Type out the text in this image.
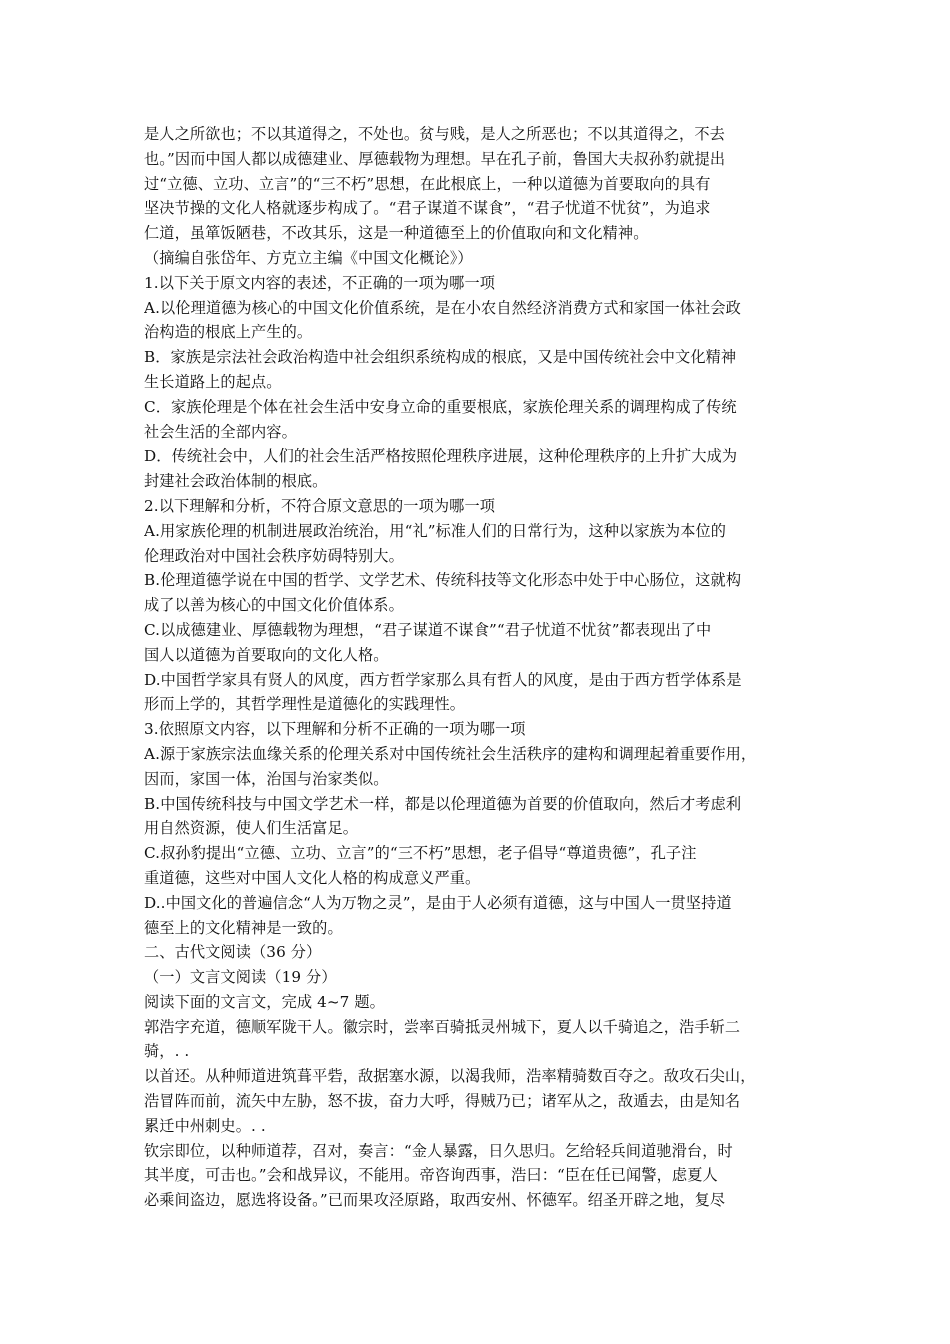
是人之所欲也；不以其道得之，不处也。贫与贱，是人之所恶也；不以其道得之，不去
也。”因而中国人都以成德建业、厚德载物为理想。早在孔子前，鲁国大夫叔孙豹就提出
过“立德、立功、立言”的“三不朽”思想，在此根底上，一种以道德为首要取向的具有
坚决节操的文化人格就逐步构成了。“君子谋道不谋食”，“君子忧道不忧贫”，为追求
仁道，虽箪饭陋巷，不改其乐，这是一种道德至上的价值取向和文化精神。
（摘编自张岱年、方克立主编《中国文化概论》）
1.以下关于原文内容的表述，不正确的一项为哪一项
A.以伦理道德为核心的中国文化价值系统，是在小农自然经济消费方式和家国一体社会政
治构造的根底上产生的。
B．家族是宗法社会政治构造中社会组织系统构成的根底，又是中国传统社会中文化精神
生长道路上的起点。
C．家族伦理是个体在社会生活中安身立命的重要根底，家族伦理关系的调理构成了传统
社会生活的全部内容。
D．传统社会中，人们的社会生活严格按照伦理秩序进展，这种伦理秩序的上升扩大成为
封建社会政治体制的根底。
2.以下理解和分析，不符合原文意思的一项为哪一项
A.用家族伦理的机制进展政治统治，用“礼”标准人们的日常行为，这种以家族为本位的
伦理政治对中国社会秩序妨碍特别大。
B.伦理道德学说在中国的哲学、文学艺术、传统科技等文化形态中处于中心肠位，这就构
成了以善为核心的中国文化价值体系。
C.以成德建业、厚德载物为理想，“君子谋道不谋食”“君子忧道不忧贫”都表现出了中
国人以道德为首要取向的文化人格。
D.中国哲学家具有贤人的风度，西方哲学家那么具有哲人的风度，是由于西方哲学体系是
形而上学的，其哲学理性是道德化的实践理性。
3.依照原文内容，以下理解和分析不正确的一项为哪一项
A.源于家族宗法血缘关系的伦理关系对中国传统社会生活秩序的建构和调理起着重要作用，
因而，家国一体，治国与治家类似。
B.中国传统科技与中国文学艺术一样，都是以伦理道德为首要的价值取向，然后才考虑利
用自然资源，使人们生活富足。
C.叔孙豹提出“立德、立功、立言”的“三不朽”思想，老子倡导“尊道贵德”，孔子注
重道德，这些对中国人文化人格的构成意义严重。
D..中国文化的普遍信念“人为万物之灵”，是由于人必须有道德，这与中国人一贯坚持道
德至上的文化精神是一致的。
二、古代文阅读（36 分）
（一）文言文阅读（19 分）
阅读下面的文言文，完成 4~7 题。
郭浩字充道，德顺军陇干人。徽宗时，尝率百骑抵灵州城下，夏人以千骑追之，浩手斩二
骑，. .
以首还。从种师道进筑葺平砦，敌据塞水源，以渴我师，浩率精骑数百夺之。敌攻石尖山，
浩冒阵而前，流矢中左胁，怒不拔，奋力大呼，得贼乃已；诸军从之，敌遁去，由是知名
累迁中州刺史。. .
钦宗即位，以种师道荐，召对，奏言：“金人暴露，日久思归。乞给轻兵间道驰滑台，时
其半度，可击也。”会和战异议，不能用。帝咨询西事，浩曰：“臣在任已闻警，虑夏人
必乘间盗边，愿选将设备。”已而果攻泾原路，取西安州、怀德军。绍圣开辟之地，复尽
